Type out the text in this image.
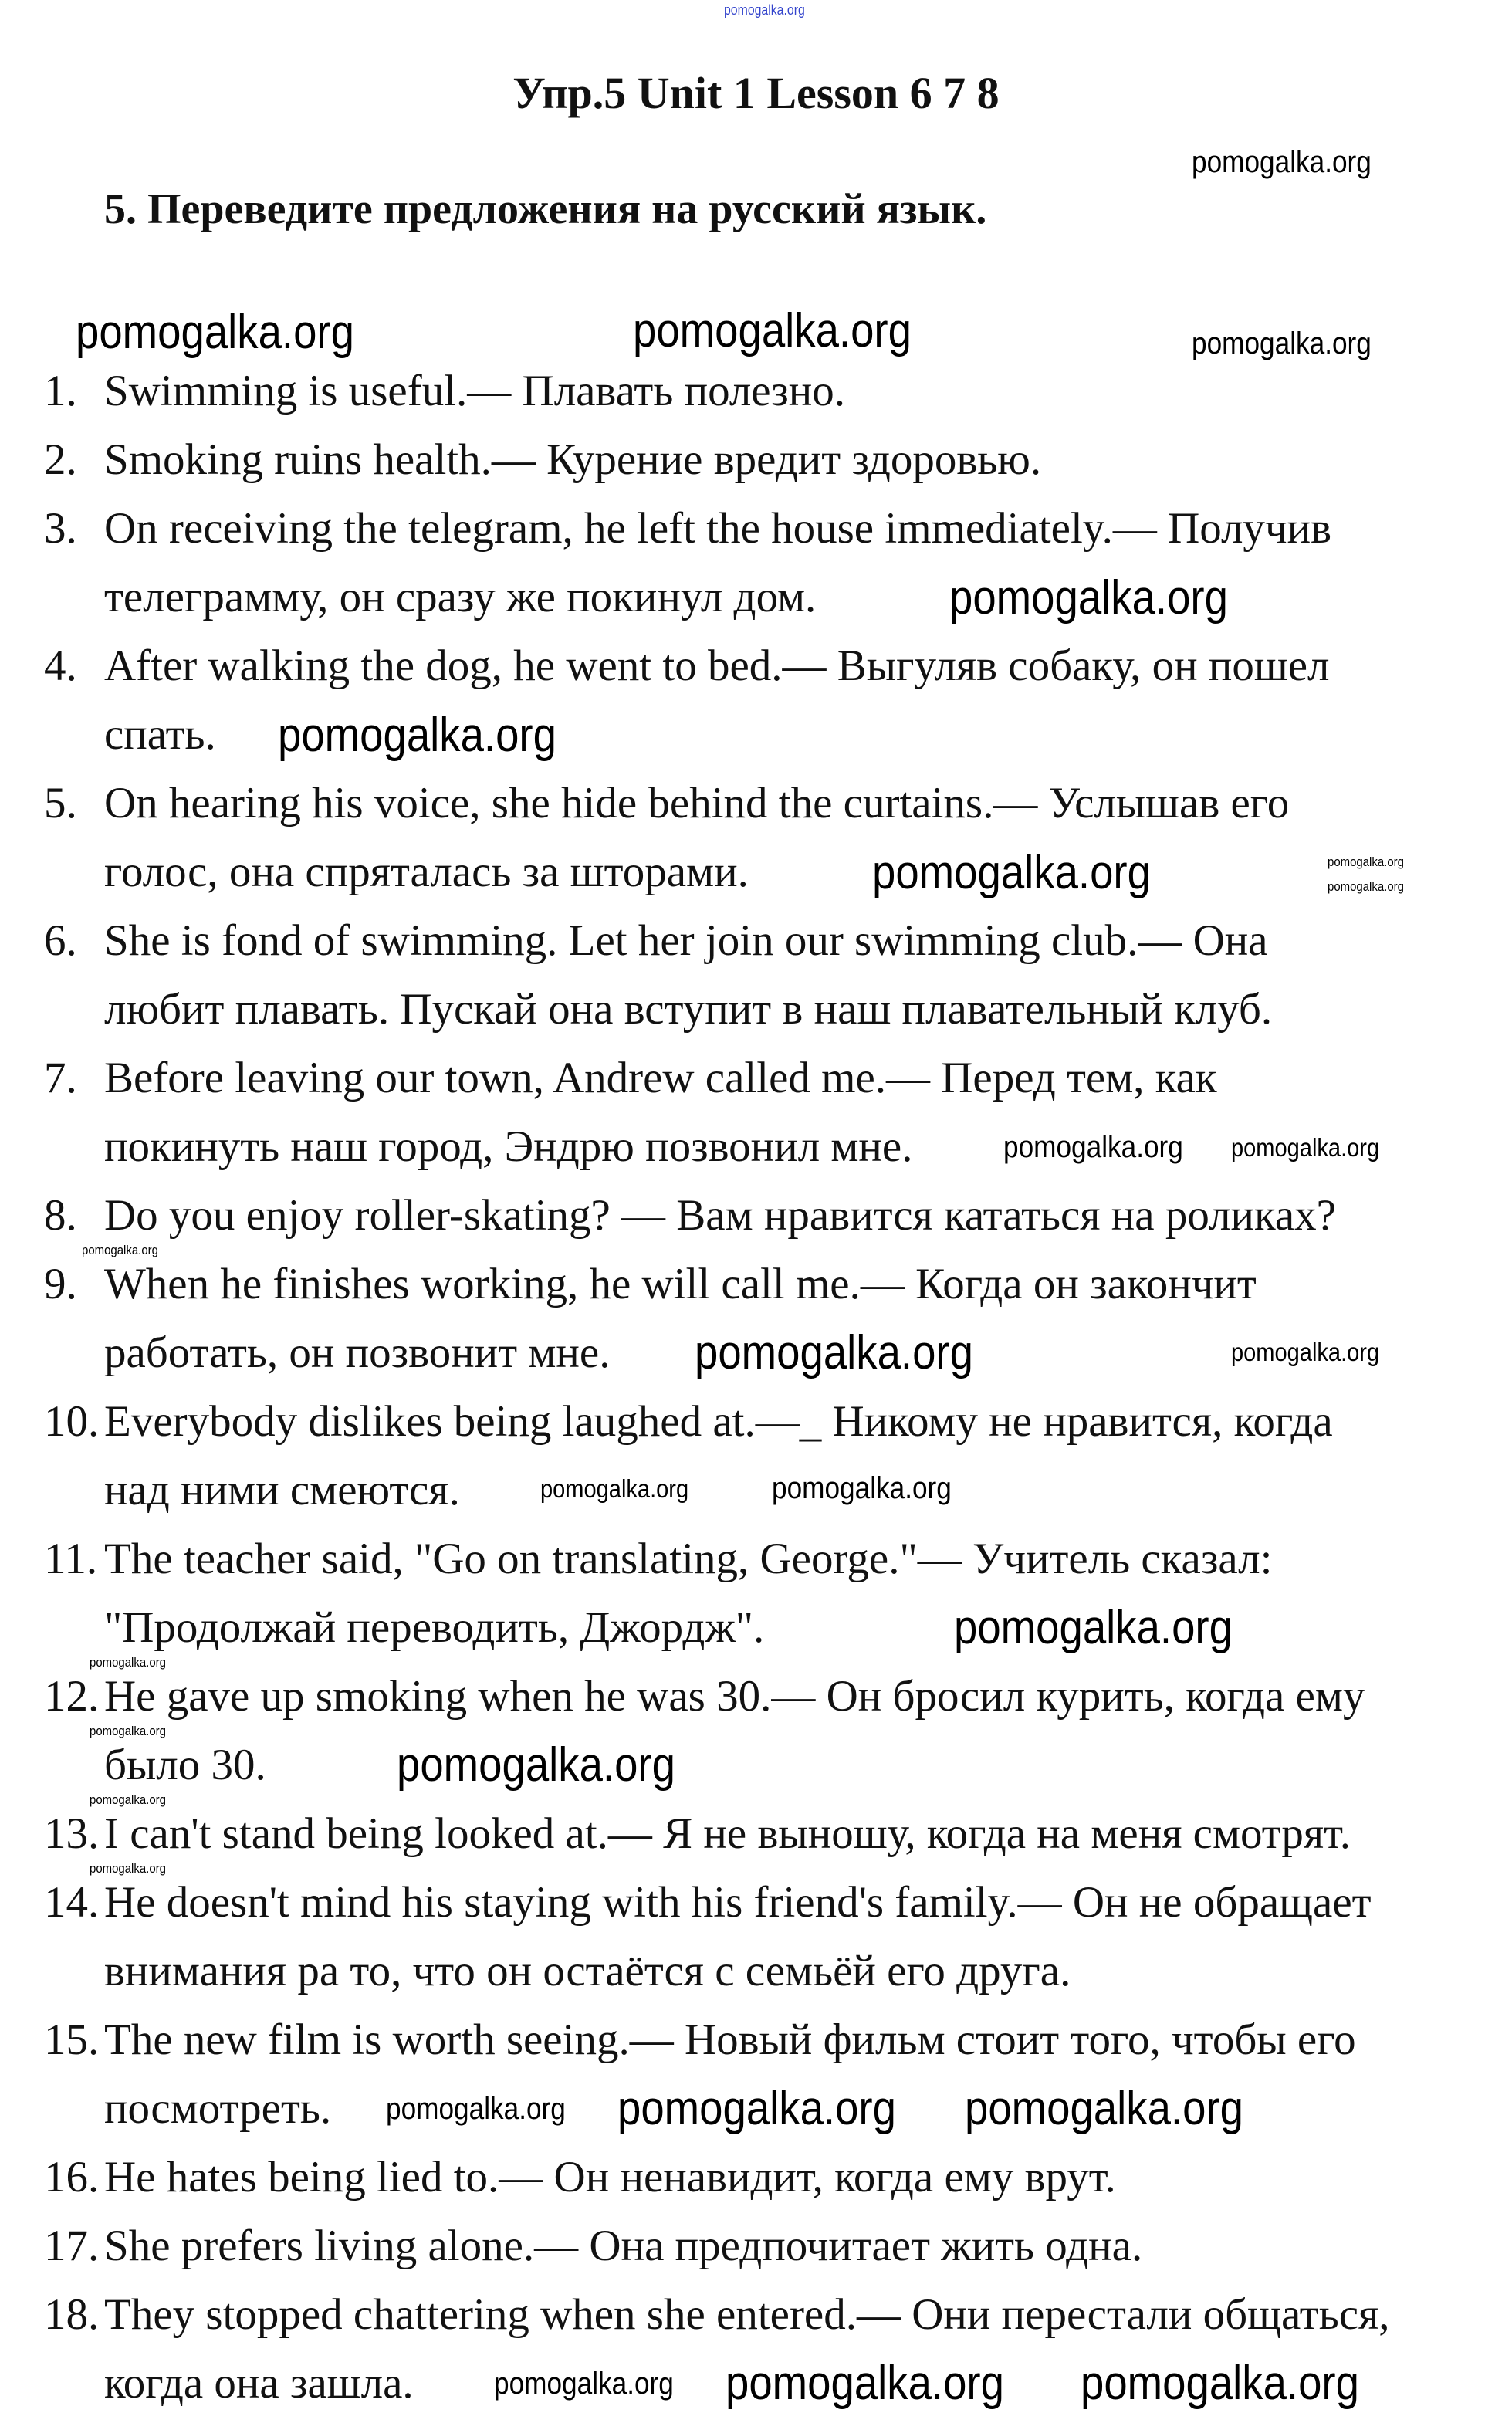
Упр.5 Unit 1 Lesson 6 7 8
5. Переведите предложения на русский язык.
1. Swimming is useful.— Плавать полезно.
2. Smoking ruins health.— Курение вредит здоровью.
3. On receiving the telegram, he left the house immediately.— Получив
телеграмму, он сразу же покинул дом.
4. After walking the dog, he went to bed.— Выгуляв собаку, он пошел
спать.
5. On hearing his voice, she hide behind the curtains.— Услышав его
голос, она спряталась за шторами.
6. She is fond of swimming. Let her join our swimming club.— Она
любит плавать. Пускай она вступит в наш плавательный клуб.
7. Before leaving our town, Andrew called me.— Перед тем, как
покинуть наш город, Эндрю позвонил мне.
8. Do you enjoy roller-skating? — Вам нравится кататься на роликах?
9. When he finishes working, he will call me.— Когда он закончит
работать, он позвонит мне.
10. Everybody dislikes being laughed at.—_ Никому не нравится, когда
над ними смеются.
11. The teacher said, "Go on translating, George."— Учитель сказал:
"Продолжай переводить, Джордж".
12. He gave up smoking when he was 30.— Он бросил курить, когда ему
было 30.
13. I can't stand being looked at.— Я не выношу, когда на меня смотрят.
14. He doesn't mind his staying with his friend's family.— Он не обращает
внимания ра то, что он остаётся с семьёй его друга.
15. The new film is worth seeing.— Новый фильм стоит того, чтобы его
посмотреть.
16. He hates being lied to.— Он ненавидит, когда ему врут.
17. She prefers living alone.— Она предпочитает жить одна.
18. They stopped chattering when she entered.— Они перестали общаться,
когда она зашла.
pomogalka.org
pomogalka.org
pomogalka.org	pomogalka.org	pomogalka.org
pomogalka.org
pomogalka.org
pomogalka.org	pomogalka.org
pomogalka.org
pomogalka.org pomogalka.org
pomogalka.org
pomogalka.org
pomogalka.org	pomogalka.org
pomogalka.org
pomogalka.org
pomogalka.org
pomogalka.org
pomogalka.org
pomogalka.org
pomogalka.org
pomogalka.org
pomogalka.org pomogalka.org
pomogalka.org pomogalka.org pomogalka.org
